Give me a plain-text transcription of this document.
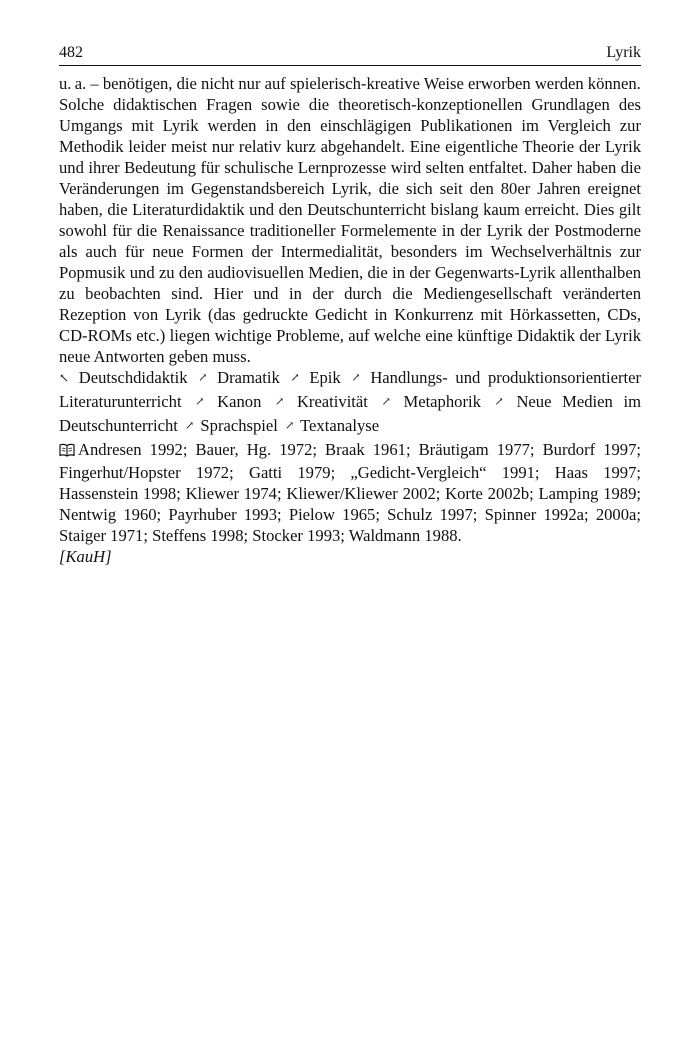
482	Lyrik

u. a. – benötigen, die nicht nur auf spielerisch-kreative Weise erworben werden können.

Solche didaktischen Fragen sowie die theoretisch-konzeptionellen Grundlagen des Umgangs mit Lyrik werden in den einschlägigen Publikationen im Vergleich zur Methodik leider meist nur relativ kurz abgehandelt. Eine eigentliche Theorie der Lyrik und ihrer Bedeutung für schulische Lernprozesse wird selten entfaltet. Daher haben die Veränderungen im Gegenstandsbereich Lyrik, die sich seit den 80er Jahren ereignet haben, die Literaturdidaktik und den Deutschunterricht bislang kaum erreicht. Dies gilt sowohl für die Renaissance traditioneller Formelemente in der Lyrik der Postmoderne als auch für neue Formen der Intermedialität, besonders im Wechselverhältnis zur Popmusik und zu den audiovisuellen Medien, die in der Gegenwarts-Lyrik allenthalben zu beobachten sind. Hier und in der durch die Mediengesellschaft veränderten Rezeption von Lyrik (das gedruckte Gedicht in Konkurrenz mit Hörkassetten, CDs, CD-ROMs etc.) liegen wichtige Probleme, auf welche eine künftige Didaktik der Lyrik neue Antworten geben muss.

↖ Deutschdidaktik ↗ Dramatik ↗ Epik ↗ Handlungs- und produktionsorientierter Literaturunterricht ↗ Kanon ↗ Kreativität ↗ Metaphorik ↗ Neue Medien im Deutschunterricht ↗ Sprachspiel ↗ Textanalyse

Andresen 1992; Bauer, Hg. 1972; Braak 1961; Bräutigam 1977; Burdorf 1997; Fingerhut/Hopster 1972; Gatti 1979; „Gedicht-Vergleich“ 1991; Haas 1997; Hassenstein 1998; Kliewer 1974; Kliewer/Kliewer 2002; Korte 2002b; Lamping 1989; Nentwig 1960; Payrhuber 1993; Pielow 1965; Schulz 1997; Spinner 1992a; 2000a; Staiger 1971; Steffens 1998; Stocker 1993; Waldmann 1988.

[KauH]
